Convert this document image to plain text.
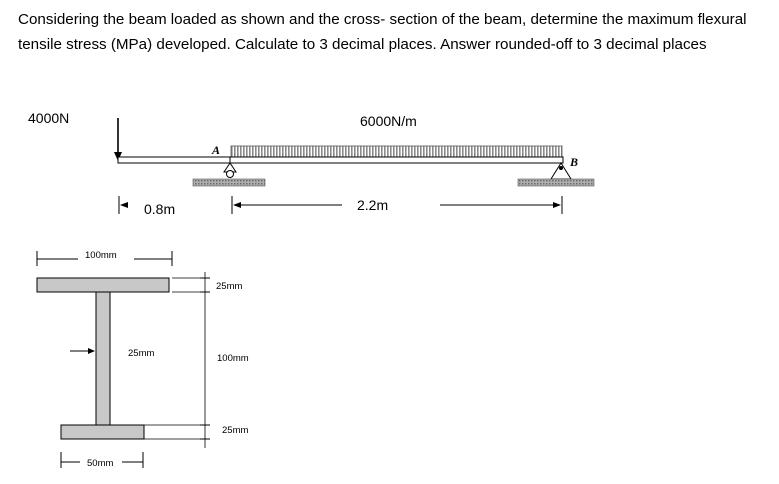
Considering the beam loaded as shown and the cross- section of the beam, determine the maximum flexural tensile stress (MPa) developed. Calculate to 3 decimal places. Answer rounded-off to 3 decimal places
4000N	6000N/m
A
B
0.8m	2.2m
100mm
25mm
25mm	100mm
25mm
50mm
